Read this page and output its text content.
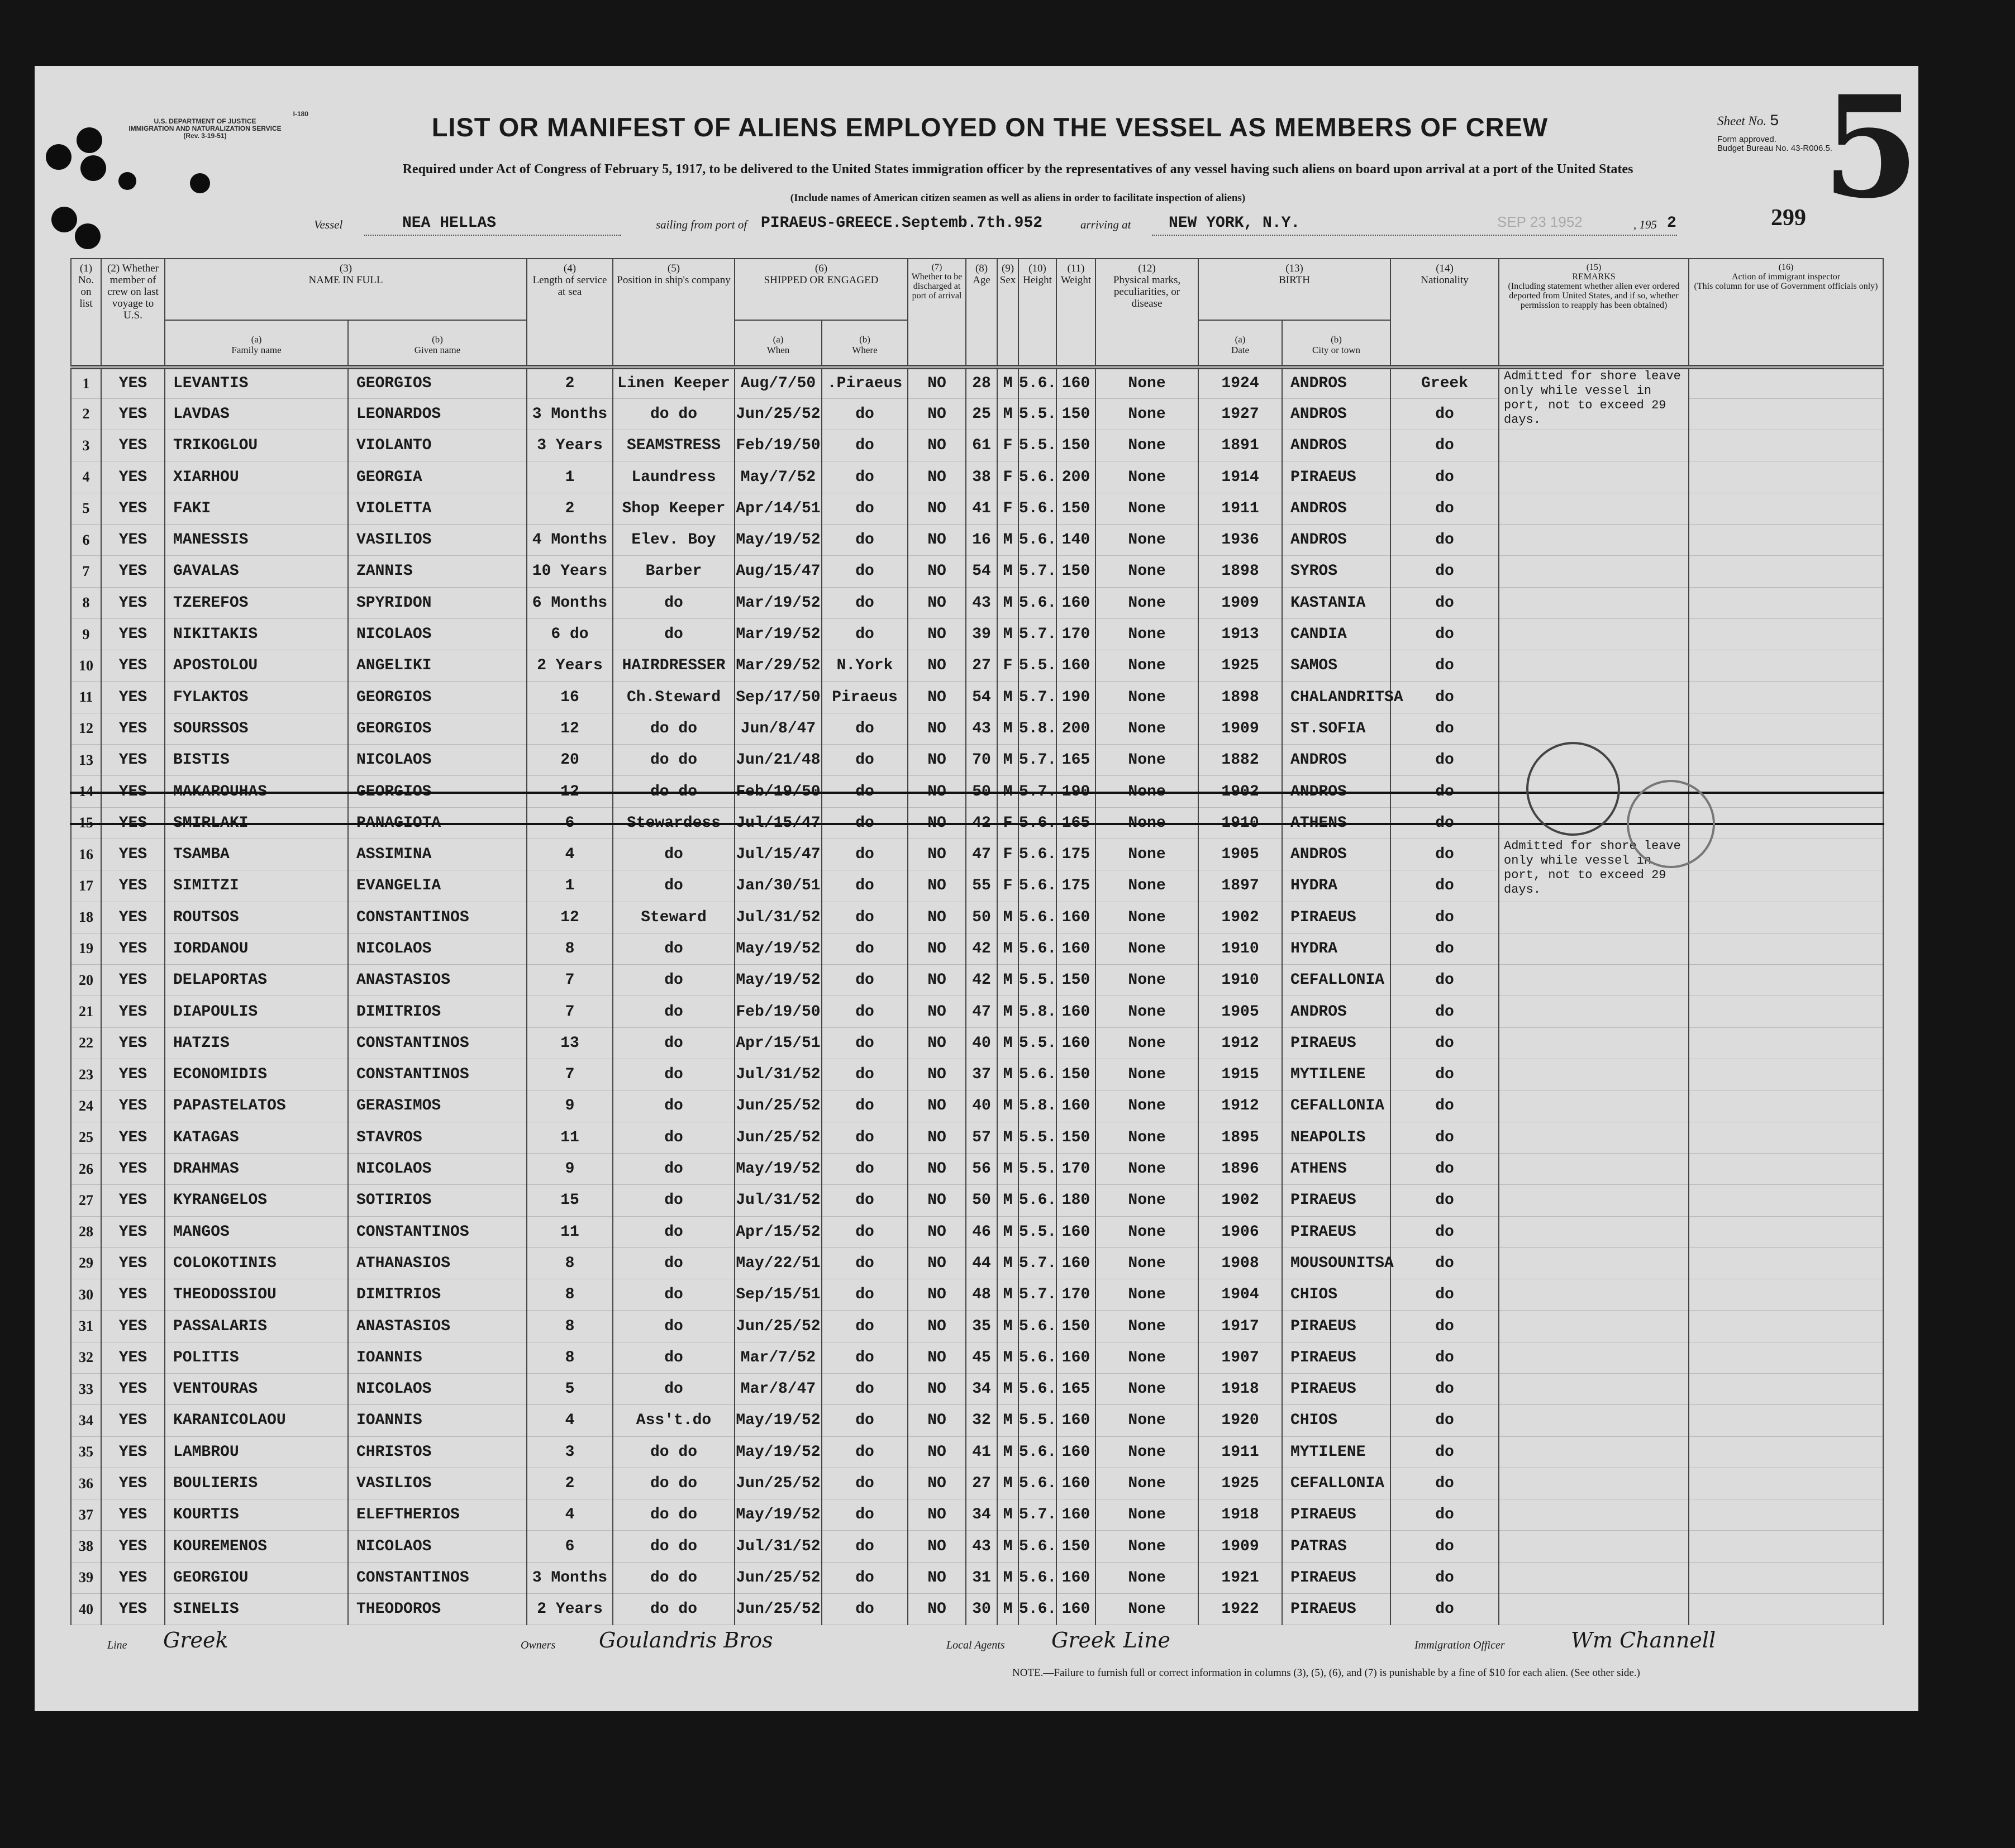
I-180
U.S. DEPARTMENT OF JUSTICE
IMMIGRATION AND NATURALIZATION SERVICE
(Rev. 3-19-51)	LIST OR MANIFEST OF ALIENS EMPLOYED ON THE VESSEL AS MEMBERS OF CREW
Required under Act of Congress of February 5, 1917, to be delivered to the United States immigration officer by the representatives of any vessel having such aliens on board upon arrival at a port of the United States
(Include names of American citizen seamen as well as aliens in order to facilitate inspection of aliens)
Sheet No. 5
Form approved.
Budget Bureau No. 43-R006.5.
5
299
Vessel	NEA HELLAS	sailing from port of PIRAEUS-GREECE.Septemb.7th.952	arriving at NEW YORK, N.Y.	SEP 23 1952	, 195 2
(1)
No.
on
list	(2) Whether member of crew on last voyage to U.S.	(3)
NAME IN FULL		(4)
Length of service at sea	(5)
Position in ship's company	(6)
SHIPPED OR ENGAGED		(7)
Whether to be discharged at port of arrival	(8)
Age	(9)
Sex	(10)
Height	(11)
Weight	(12)
Physical marks, peculiarities, or disease	(13)
BIRTH		(14)
Nationality	(15)
REMARKS
(Including statement whether alien ever ordered deported from United States, and if so, whether permission to reapply has been obtained)	(16)
Action of immigrant inspector
(This column for use of Government officials only)
		(a)
Family name	(b)
Given name			(a)
When	(b)
Where							(a)
Date	(b)
City or town			
1	YES	LEVANTIS	GEORGIOS	2	Linen Keeper	Aug/7/50	.Piraeus	NO	28	M	5.6.	160	None	1924	ANDROS	Greek	Admitted for shore leave only while vessel in port, not to exceed 29 days.	
2	YES	LAVDAS	LEONARDOS	3 Months	do do	Jun/25/52	do	NO	25	M	5.5.	150	None	1927	ANDROS	do		
3	YES	TRIKOGLOU	VIOLANTO	3 Years	SEAMSTRESS	Feb/19/50	do	NO	61	F	5.5.	150	None	1891	ANDROS	do		
4	YES	XIARHOU	GEORGIA	1	Laundress	May/7/52	do	NO	38	F	5.6.	200	None	1914	PIRAEUS	do		
5	YES	FAKI	VIOLETTA	2	Shop Keeper	Apr/14/51	do	NO	41	F	5.6.	150	None	1911	ANDROS	do		
6	YES	MANESSIS	VASILIOS	4 Months	Elev. Boy	May/19/52	do	NO	16	M	5.6.	140	None	1936	ANDROS	do		
7	YES	GAVALAS	ZANNIS	10 Years	Barber	Aug/15/47	do	NO	54	M	5.7.	150	None	1898	SYROS	do		
8	YES	TZEREFOS	SPYRIDON	6 Months	do	Mar/19/52	do	NO	43	M	5.6.	160	None	1909	KASTANIA	do		
9	YES	NIKITAKIS	NICOLAOS	6 do	do	Mar/19/52	do	NO	39	M	5.7.	170	None	1913	CANDIA	do		
10	YES	APOSTOLOU	ANGELIKI	2 Years	HAIRDRESSER	Mar/29/52	N.York	NO	27	F	5.5.	160	None	1925	SAMOS	do		
11	YES	FYLAKTOS	GEORGIOS	16	Ch.Steward	Sep/17/50	Piraeus	NO	54	M	5.7.	190	None	1898	CHALANDRITSA	do		
12	YES	SOURSSOS	GEORGIOS	12	do do	Jun/8/47	do	NO	43	M	5.8.	200	None	1909	ST.SOFIA	do		
13	YES	BISTIS	NICOLAOS	20	do do	Jun/21/48	do	NO	70	M	5.7.	165	None	1882	ANDROS	do		
14	YES	MAKAROUHAS	GEORGIOS	12	do do	Feb/19/50	do	NO	50	M	5.7.	190	None	1902	ANDROS	do		
15	YES	SMIRLAKI	PANAGIOTA	6	Stewardess	Jul/15/47	do	NO	42	F	5.6.	165	None	1910	ATHENS	do		
16	YES	TSAMBA	ASSIMINA	4	do	Jul/15/47	do	NO	47	F	5.6.	175	None	1905	ANDROS	do	Admitted for shore leave only while vessel in port, not to exceed 29 days.	
17	YES	SIMITZI	EVANGELIA	1	do	Jan/30/51	do	NO	55	F	5.6.	175	None	1897	HYDRA	do		
18	YES	ROUTSOS	CONSTANTINOS	12	Steward	Jul/31/52	do	NO	50	M	5.6.	160	None	1902	PIRAEUS	do		
19	YES	IORDANOU	NICOLAOS	8	do	May/19/52	do	NO	42	M	5.6.	160	None	1910	HYDRA	do		
20	YES	DELAPORTAS	ANASTASIOS	7	do	May/19/52	do	NO	42	M	5.5.	150	None	1910	CEFALLONIA	do		
21	YES	DIAPOULIS	DIMITRIOS	7	do	Feb/19/50	do	NO	47	M	5.8.	160	None	1905	ANDROS	do		
22	YES	HATZIS	CONSTANTINOS	13	do	Apr/15/51	do	NO	40	M	5.5.	160	None	1912	PIRAEUS	do		
23	YES	ECONOMIDIS	CONSTANTINOS	7	do	Jul/31/52	do	NO	37	M	5.6.	150	None	1915	MYTILENE	do		
24	YES	PAPASTELATOS	GERASIMOS	9	do	Jun/25/52	do	NO	40	M	5.8.	160	None	1912	CEFALLONIA	do		
25	YES	KATAGAS	STAVROS	11	do	Jun/25/52	do	NO	57	M	5.5.	150	None	1895	NEAPOLIS	do		
26	YES	DRAHMAS	NICOLAOS	9	do	May/19/52	do	NO	56	M	5.5.	170	None	1896	ATHENS	do		
27	YES	KYRANGELOS	SOTIRIOS	15	do	Jul/31/52	do	NO	50	M	5.6.	180	None	1902	PIRAEUS	do		
28	YES	MANGOS	CONSTANTINOS	11	do	Apr/15/52	do	NO	46	M	5.5.	160	None	1906	PIRAEUS	do		
29	YES	COLOKOTINIS	ATHANASIOS	8	do	May/22/51	do	NO	44	M	5.7.	160	None	1908	MOUSOUNITSA	do		
30	YES	THEODOSSIOU	DIMITRIOS	8	do	Sep/15/51	do	NO	48	M	5.7.	170	None	1904	CHIOS	do		
31	YES	PASSALARIS	ANASTASIOS	8	do	Jun/25/52	do	NO	35	M	5.6.	150	None	1917	PIRAEUS	do		
32	YES	POLITIS	IOANNIS	8	do	Mar/7/52	do	NO	45	M	5.6.	160	None	1907	PIRAEUS	do		
33	YES	VENTOURAS	NICOLAOS	5	do	Mar/8/47	do	NO	34	M	5.6.	165	None	1918	PIRAEUS	do		
34	YES	KARANICOLAOU	IOANNIS	4	Ass't.do	May/19/52	do	NO	32	M	5.5.	160	None	1920	CHIOS	do		
35	YES	LAMBROU	CHRISTOS	3	do do	May/19/52	do	NO	41	M	5.6.	160	None	1911	MYTILENE	do		
36	YES	BOULIERIS	VASILIOS	2	do do	Jun/25/52	do	NO	27	M	5.6.	160	None	1925	CEFALLONIA	do		
37	YES	KOURTIS	ELEFTHERIOS	4	do do	May/19/52	do	NO	34	M	5.7.	160	None	1918	PIRAEUS	do		
38	YES	KOUREMENOS	NICOLAOS	6	do do	Jul/31/52	do	NO	43	M	5.6.	150	None	1909	PATRAS	do		
39	YES	GEORGIOU	CONSTANTINOS	3 Months	do do	Jun/25/52	do	NO	31	M	5.6.	160	None	1921	PIRAEUS	do		
40	YES	SINELIS	THEODOROS	2 Years	do do	Jun/25/52	do	NO	30	M	5.6.	160	None	1922	PIRAEUS	do		
Line Greek	Owners Goulandris Bros	Local Agents Greek Line	Immigration Officer	Wm Channell
NOTE.—Failure to furnish full or correct information in columns (3), (5), (6), and (7) is punishable by a fine of $10 for each alien. (See other side.)
